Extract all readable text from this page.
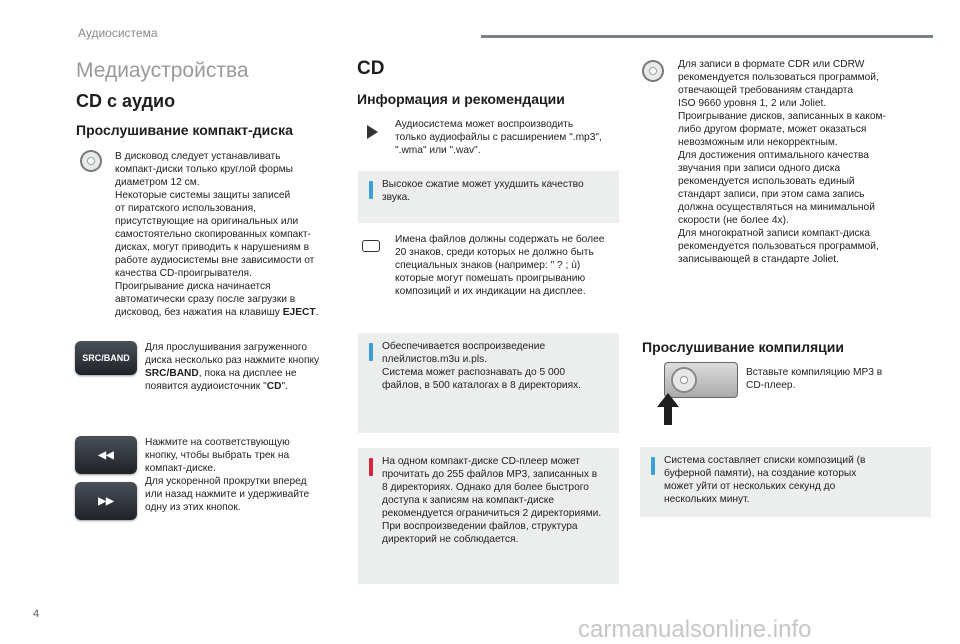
Аудиосистема
Медиаустройства
CD с аудио
Прослушивание компакт-диска

В дисковод следует устанавливать
компакт-диски только круглой формы
диаметром 12 см.
Некоторые системы защиты записей
от пиратского использования,
присутствующие на оригинальных или
самостоятельно скопированных компакт-
дисках, могут приводить к нарушениям в
работе аудиосистемы вне зависимости от
качества CD-проигрывателя.
Проигрывание диска начинается
автоматически сразу после загрузки в
дисковод, без нажатия на клавишу EJECT.

SRC/BAND

Для прослушивания загруженного
диска несколько раз нажмите кнопку
SRC/BAND, пока на дисплее не
появится аудиоисточник "CD".

◀◀
▶▶

Нажмите на соответствующую
кнопку, чтобы выбрать трек на
компакт-диске.
Для ускоренной прокрутки вперед
или назад нажмите и удерживайте
одну из этих кнопок.

CD
Информация и рекомендации

Аудиосистема может воспроизводить
только аудиофайлы с расширением ".mp3",
".wma" или ".wav".

Высокое сжатие может ухудшить качество
звука.

Имена файлов должны содержать не более
20 знаков, среди которых не должно быть
специальных знаков (например: " ? ; ù)
которые могут помешать проигрыванию
композиций и их индикации на дисплее.

Обеспечивается воспроизведение
плейлистов.m3u и.pls.
Система может распознавать до 5 000
файлов, в 500 каталогах в 8 директориях.

На одном компакт-диске CD-плеер может
прочитать до 255 файлов MP3, записанных в
8 директориях. Однако для более быстрого
доступа к записям на компакт-диске
рекомендуется ограничиться 2 директориями.
При воспроизведении файлов, структура
директорий не соблюдается.

Для записи в формате CDR или CDRW
рекомендуется пользоваться программой,
отвечающей требованиям стандарта
ISO 9660 уровня 1, 2 или Joliet.
Проигрывание дисков, записанных в каком-
либо другом формате, может оказаться
невозможным или некорректным.
Для достижения оптимального качества
звучания при записи одного диска
рекомендуется использовать единый
стандарт записи, при этом сама запись
должна осуществляться на минимальной
скорости (не более 4x).
Для многократной записи компакт-диска
рекомендуется пользоваться программой,
записывающей в стандарте Joliet.

Прослушивание компиляции

Вставьте компиляцию MP3 в
CD-плеер.

Система составляет списки композиций (в
буферной памяти), на создание которых
может уйти от нескольких секунд до
нескольких минут.

4
carmanualsonline.info
